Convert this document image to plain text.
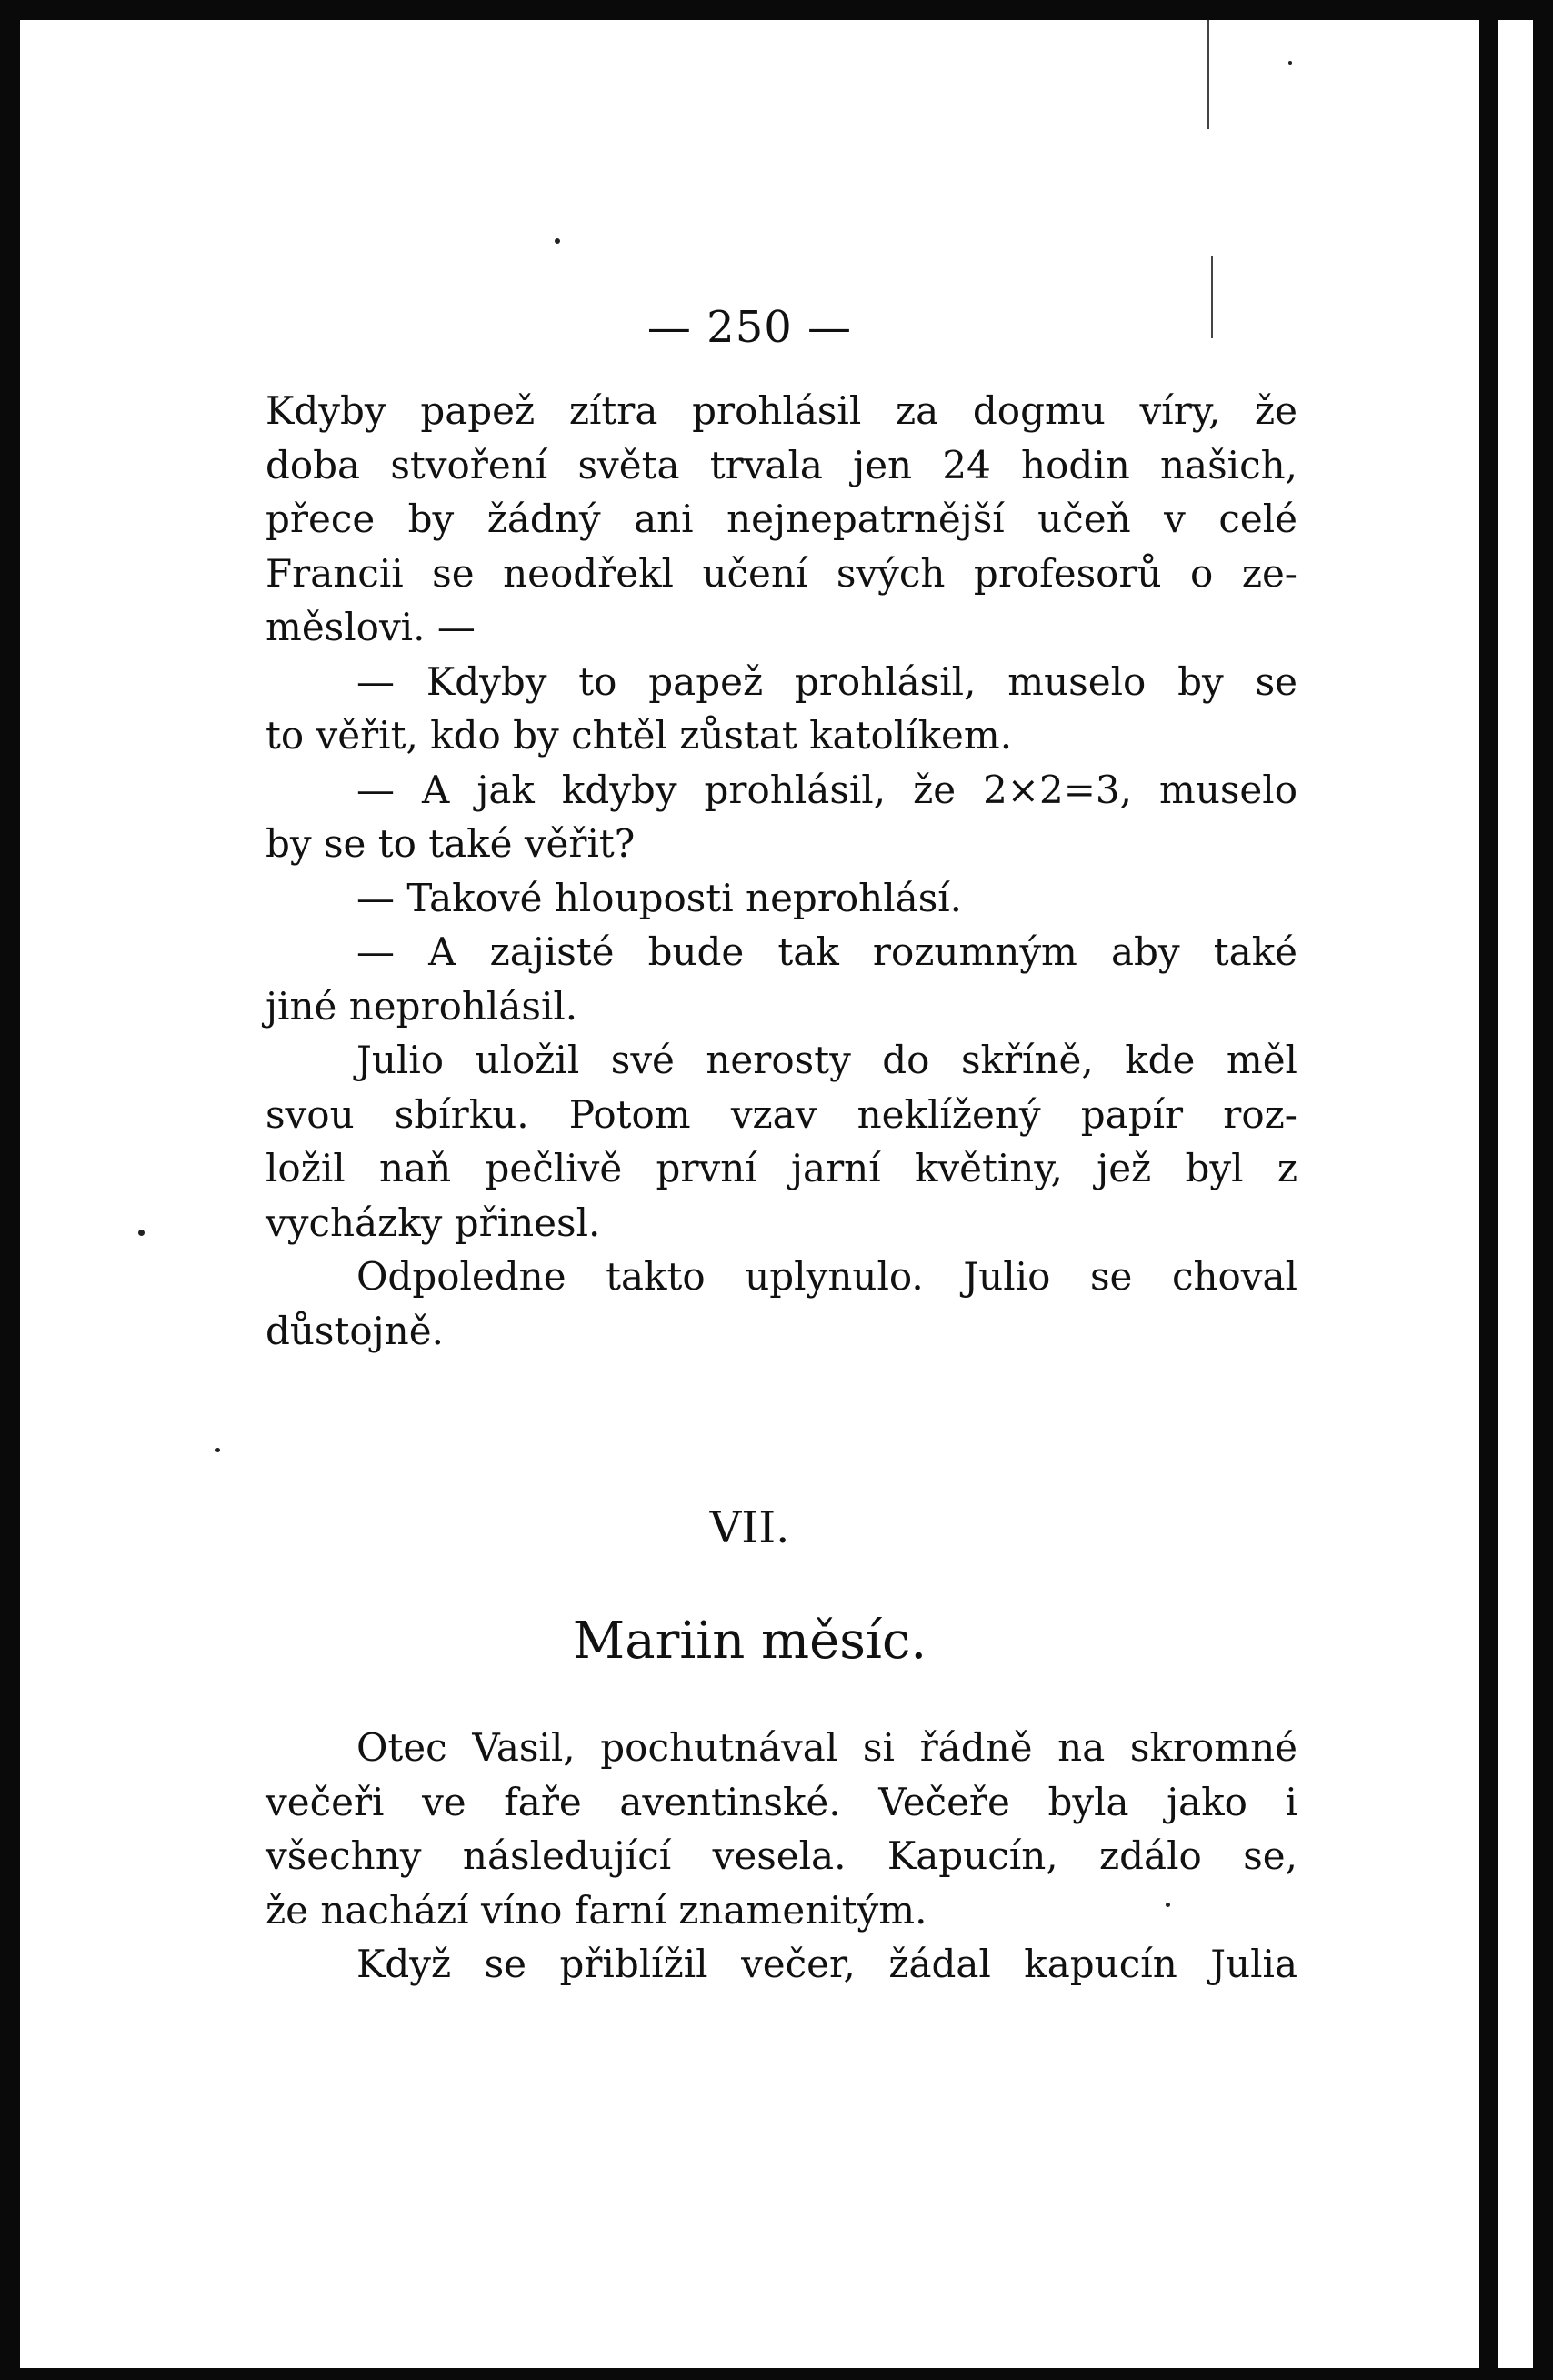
— 250 —
Kdyby papež zítra prohlásil za dogmu víry, že
doba stvoření světa trvala jen 24 hodin našich,
přece by žádný ani nejnepatrnější učeň v celé
Francii se neodřekl učení svých profesorů o ze-
měslovi. —
— Kdyby to papež prohlásil, muselo by se
to věřit, kdo by chtěl zůstat katolíkem.
— A jak kdyby prohlásil, že 2×2=3, muselo
by se to také věřit?
— Takové hlouposti neprohlásí.
— A zajisté bude tak rozumným aby také
jiné neprohlásil.
Julio uložil své nerosty do skříně, kde měl
svou sbírku. Potom vzav neklížený papír roz-
ložil naň pečlivě první jarní květiny, jež byl z
vycházky přinesl.
Odpoledne takto uplynulo. Julio se choval
důstojně.
VII.
Mariin měsíc.
Otec Vasil, pochutnával si řádně na skromné
večeři ve faře aventinské. Večeře byla jako i
všechny následující vesela. Kapucín, zdálo se,
že nachází víno farní znamenitým.
Když se přiblížil večer, žádal kapucín Julia
